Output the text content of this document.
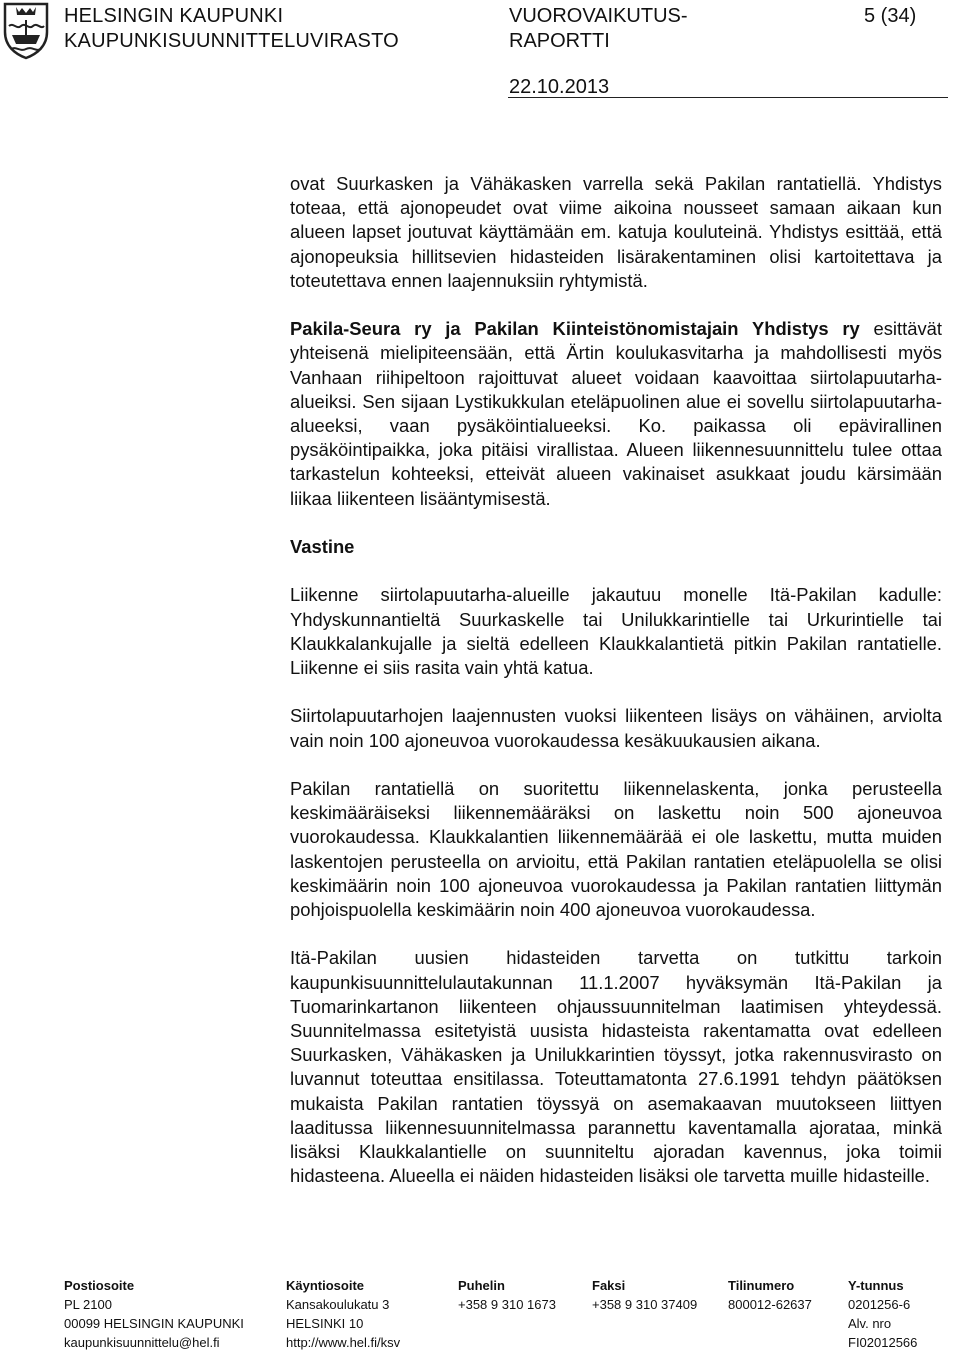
HELSINGIN KAUPUNKI
KAUPUNKISUUNNITTELUVIRASTO
VUOROVAIKUTUS-
RAPORTTI
5 (34)
22.10.2013

ovat Suurkasken ja Vähäkasken varrella sekä Pakilan rantatiellä. Yhdistys toteaa, että ajonopeudet ovat viime aikoina nousseet samaan aikaan kun alueen lapset joutuvat käyttämään em. katuja kouluteinä. Yhdistys esittää, että ajonopeuksia hillitsevien hidasteiden lisärakentaminen olisi kartoitettava ja toteutettava ennen laajennuksiin ryhtymistä.

Pakila-Seura ry ja Pakilan Kiinteistönomistajain Yhdistys ry esittävät yhteisenä mielipiteensään, että Ärtin koulukasvitarha ja mahdollisesti myös Vanhaan riihipeltoon rajoittuvat alueet voidaan kaavoittaa siirtolapuutarha-alueiksi. Sen sijaan Lystikukkulan eteläpuolinen alue ei sovellu siirtolapuutarha-alueeksi, vaan pysäköintialueeksi. Ko. paikassa oli epävirallinen pysäköintipaikka, joka pitäisi virallistaa. Alueen liikennesuunnittelu tulee ottaa tarkastelun kohteeksi, etteivät alueen vakinaiset asukkaat joudu kärsimään liikaa liikenteen lisääntymisestä.

Vastine

Liikenne siirtolapuutarha-alueille jakautuu monelle Itä-Pakilan kadulle: Yhdyskunnantieltä Suurkaskelle tai Unilukkarintielle tai Urkurintielle tai Klaukkalankujalle ja sieltä edelleen Klaukkalantietä pitkin Pakilan rantatielle. Liikenne ei siis rasita vain yhtä katua.

Siirtolapuutarhojen laajennusten vuoksi liikenteen lisäys on vähäinen, arviolta vain noin 100 ajoneuvoa vuorokaudessa kesäkuukausien aikana.

Pakilan rantatiellä on suoritettu liikennelaskenta, jonka perusteella keskimääräiseksi liikennemääräksi on laskettu noin 500 ajoneuvoa vuorokaudessa. Klaukkalantien liikennemäärää ei ole laskettu, mutta muiden laskentojen perusteella on arvioitu, että Pakilan rantatien eteläpuolella se olisi keskimäärin noin 100 ajoneuvoa vuorokaudessa ja Pakilan rantatien liittymän pohjoispuolella keskimäärin noin 400 ajoneuvoa vuorokaudessa.

Itä-Pakilan uusien hidasteiden tarvetta on tutkittu tarkoin kaupunkisuunnittelulautakunnan 11.1.2007 hyväksymän Itä-Pakilan ja Tuomarinkartanon liikenteen ohjaussuunnitelman laatimisen yhteydessä. Suunnitelmassa esitetyistä uusista hidasteista rakentamatta ovat edelleen Suurkasken, Vähäkasken ja Unilukkarintien töyssyt, jotka rakennusvirasto on luvannut toteuttaa ensitilassa. Toteuttamatonta 27.6.1991 tehdyn päätöksen mukaista Pakilan rantatien töyssyä on asemakaavan muutokseen liittyen laaditussa liikennesuunnitelmassa parannettu kaventamalla ajorataa, minkä lisäksi Klaukkalantielle on suunniteltu ajoradan kavennus, joka toimii hidasteena. Alueella ei näiden hidasteiden lisäksi ole tarvetta muille hidasteille.

Postiosoite
PL 2100
00099 HELSINGIN KAUPUNKI
kaupunkisuunnittelu@hel.fi
Käyntiosoite
Kansakoulukatu 3
HELSINKI 10
http://www.hel.fi/ksv
Puhelin
+358 9 310 1673
Faksi
+358 9 310 37409
Tilinumero
800012-62637
Y-tunnus
0201256-6
Alv. nro
FI02012566
